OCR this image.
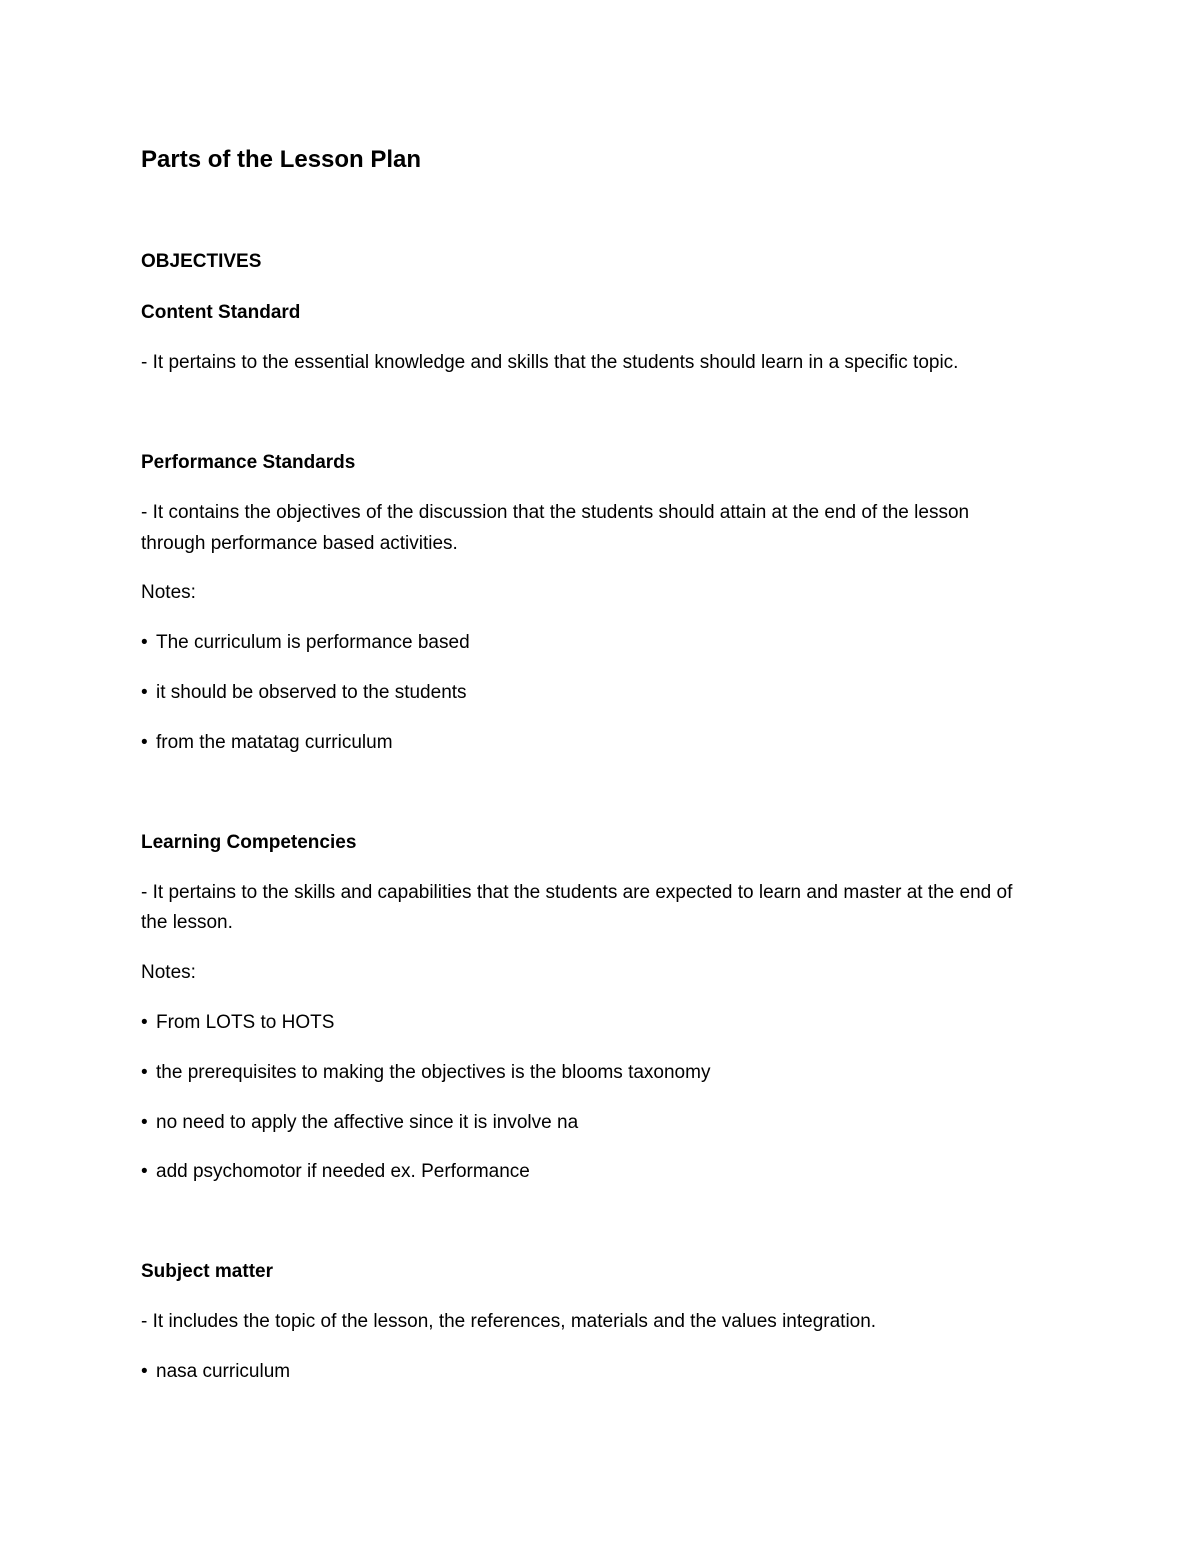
Parts of the Lesson Plan
OBJECTIVES
Content Standard
- It pertains to the essential knowledge and skills that the students should learn in a specific topic.
Performance Standards
- It contains the objectives of the discussion that the students should attain at the end of the lesson
through performance based activities.
Notes:
• The curriculum is performance based
• it should be observed to the students
• from the matatag curriculum
Learning Competencies
- It pertains to the skills and capabilities that the students are expected to learn and master at the end of
the lesson.
Notes:
• From LOTS to HOTS
• the prerequisites to making the objectives is the blooms taxonomy
• no need to apply the affective since it is involve na
• add psychomotor if needed ex. Performance
Subject matter
- It includes the topic of the lesson, the references, materials and the values integration.
• nasa curriculum
